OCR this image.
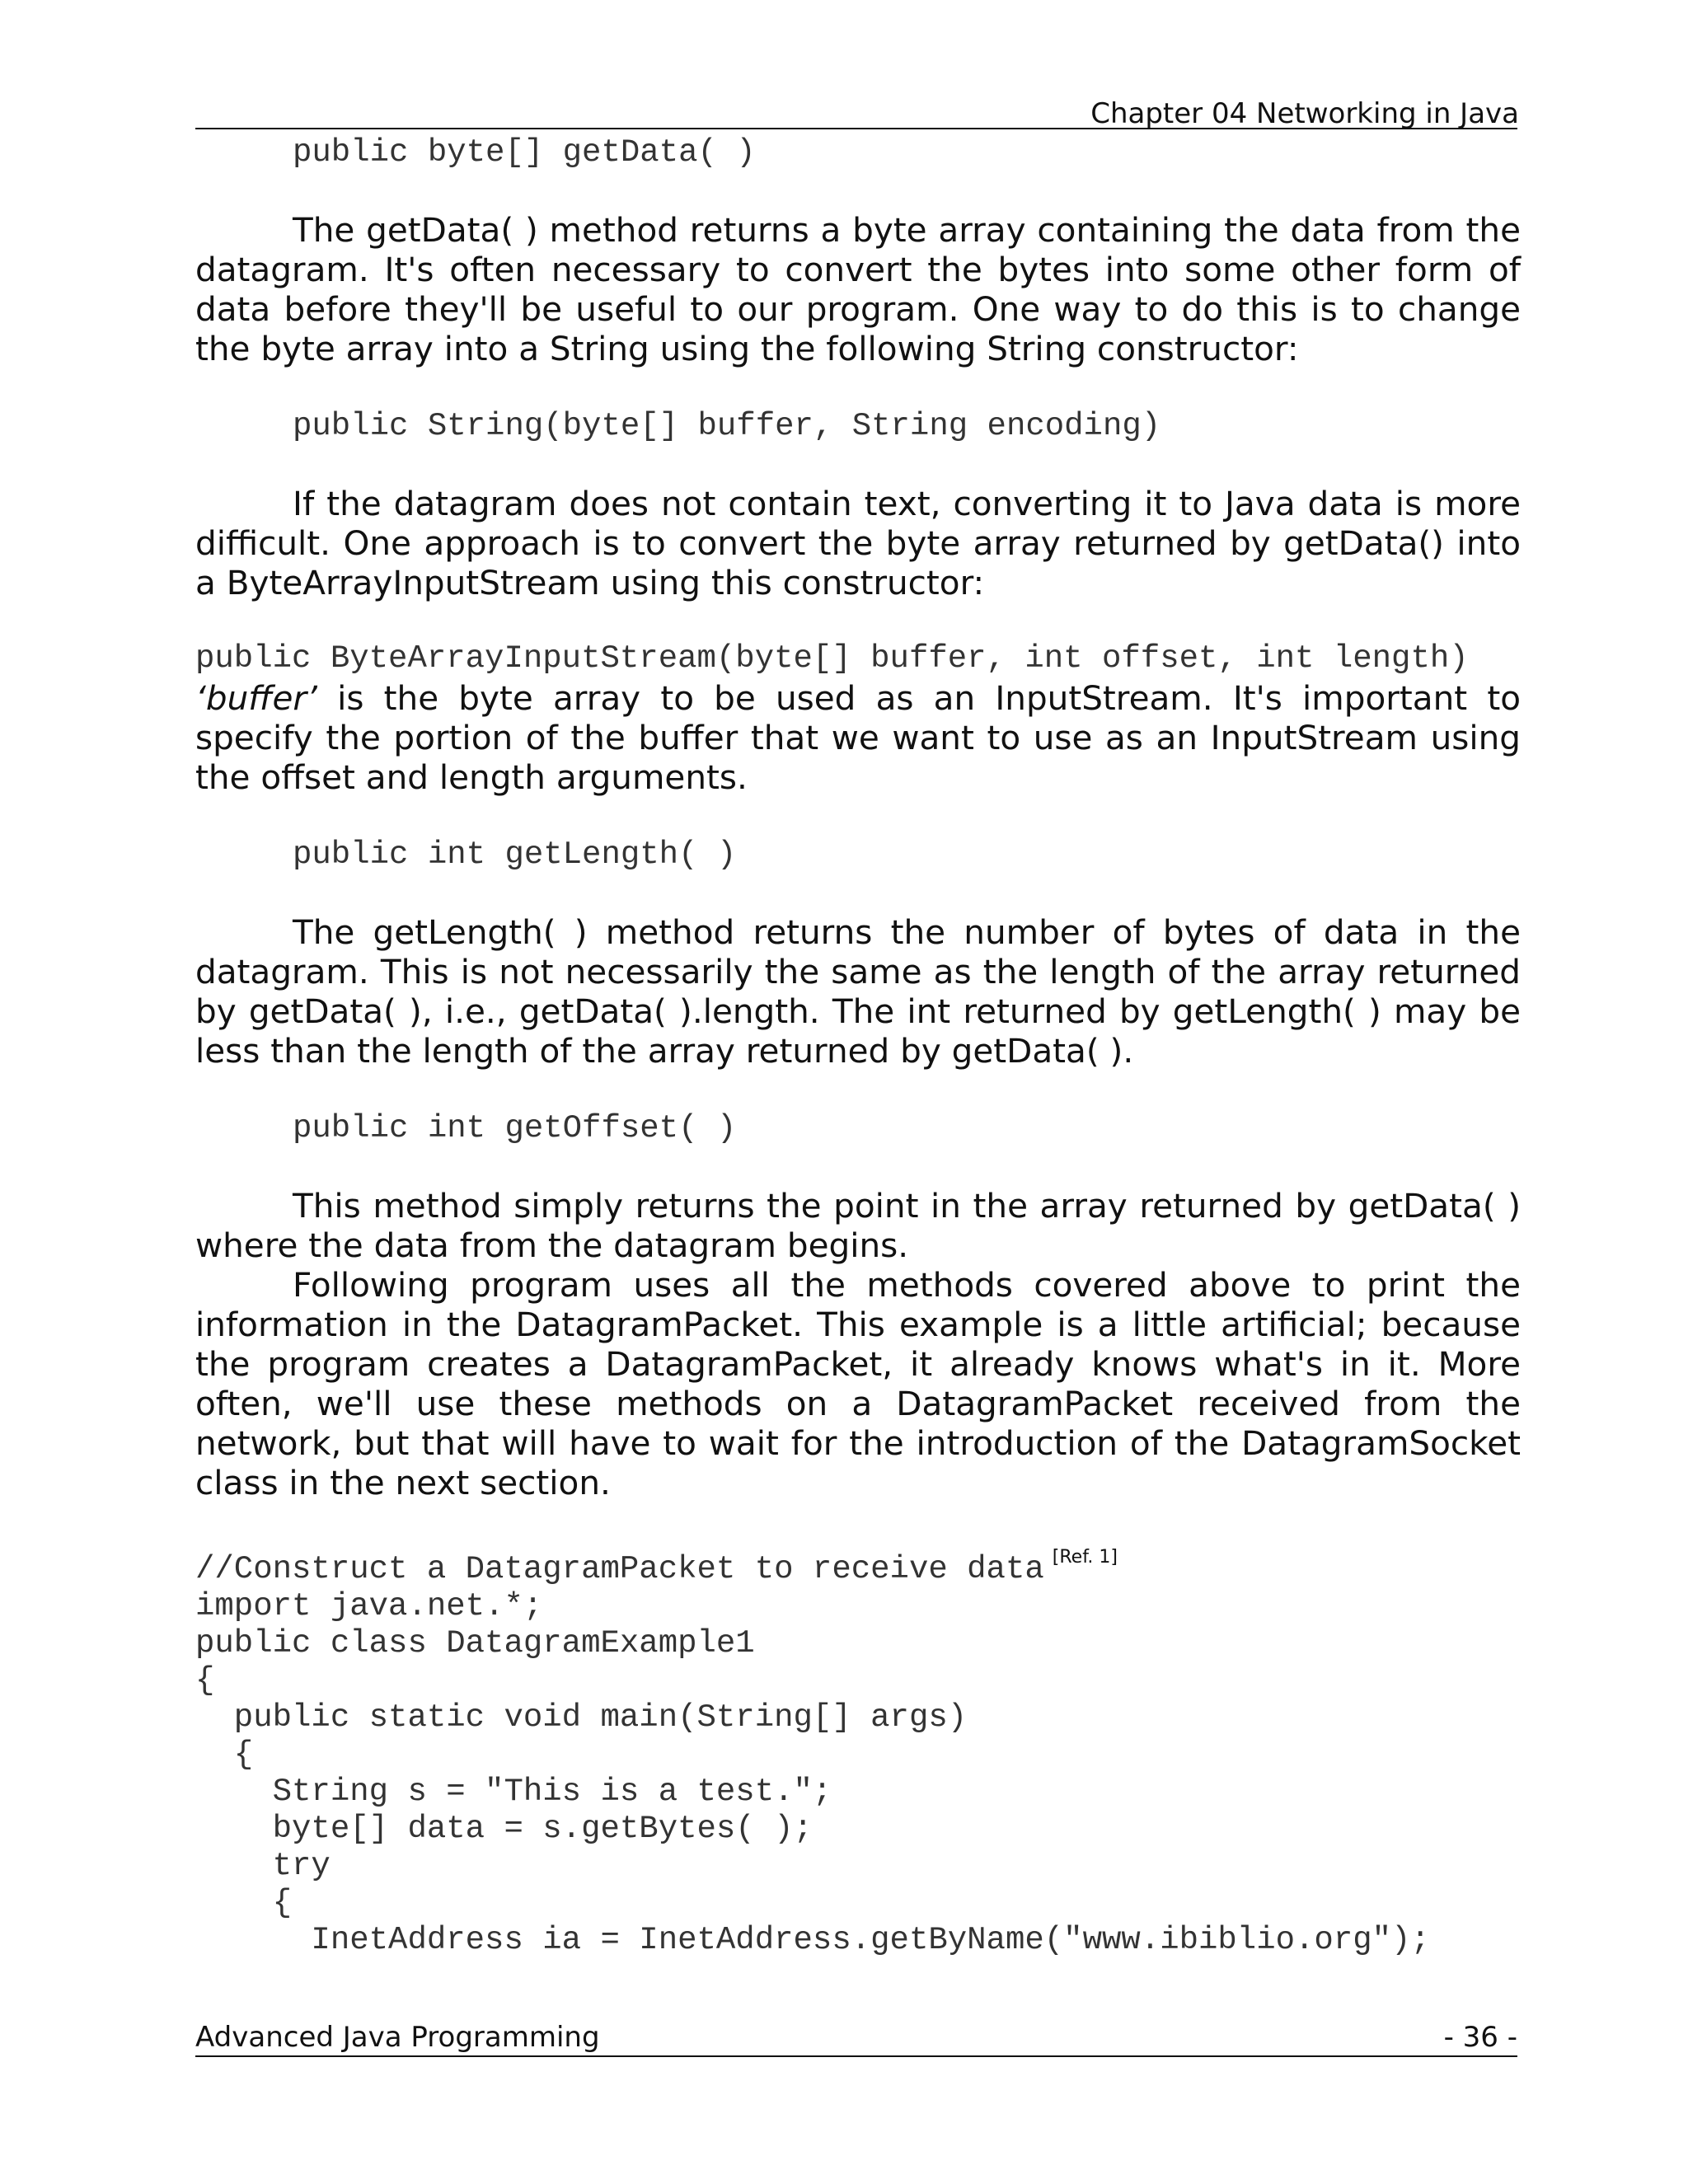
Chapter 04 Networking in Java

public byte[] getData( )

The getData( ) method returns a byte array containing the data from the datagram. It's often necessary to convert the bytes into some other form of data before they'll be useful to our program. One way to do this is to change the byte array into a String using the following String constructor:

public String(byte[] buffer, String encoding)

If the datagram does not contain text, converting it to Java data is more difficult. One approach is to convert the byte array returned by getData() into a ByteArrayInputStream using this constructor:

public ByteArrayInputStream(byte[] buffer, int offset, int length)

‘buffer’ is the byte array to be used as an InputStream. It's important to specify the portion of the buffer that we want to use as an InputStream using the offset and length arguments.

public int getLength( )

The getLength( ) method returns the number of bytes of data in the datagram. This is not necessarily the same as the length of the array returned by getData( ), i.e., getData( ).length. The int returned by getLength( ) may be less than the length of the array returned by getData( ).

public int getOffset( )

This method simply returns the point in the array returned by getData( ) where the data from the datagram begins.

Following program uses all the methods covered above to print the information in the DatagramPacket. This example is a little artificial; because the program creates a DatagramPacket, it already knows what's in it. More often, we'll use these methods on a DatagramPacket received from the network, but that will have to wait for the introduction of the DatagramSocket class in the next section.

//Construct a DatagramPacket to receive data [Ref. 1]
import java.net.*;
public class DatagramExample1
{
public static void main(String[] args)
{
String s = "This is a test.";
byte[] data = s.getBytes( );
try
{
InetAddress ia = InetAddress.getByName("www.ibiblio.org");
Advanced Java Programming	- 36 -
